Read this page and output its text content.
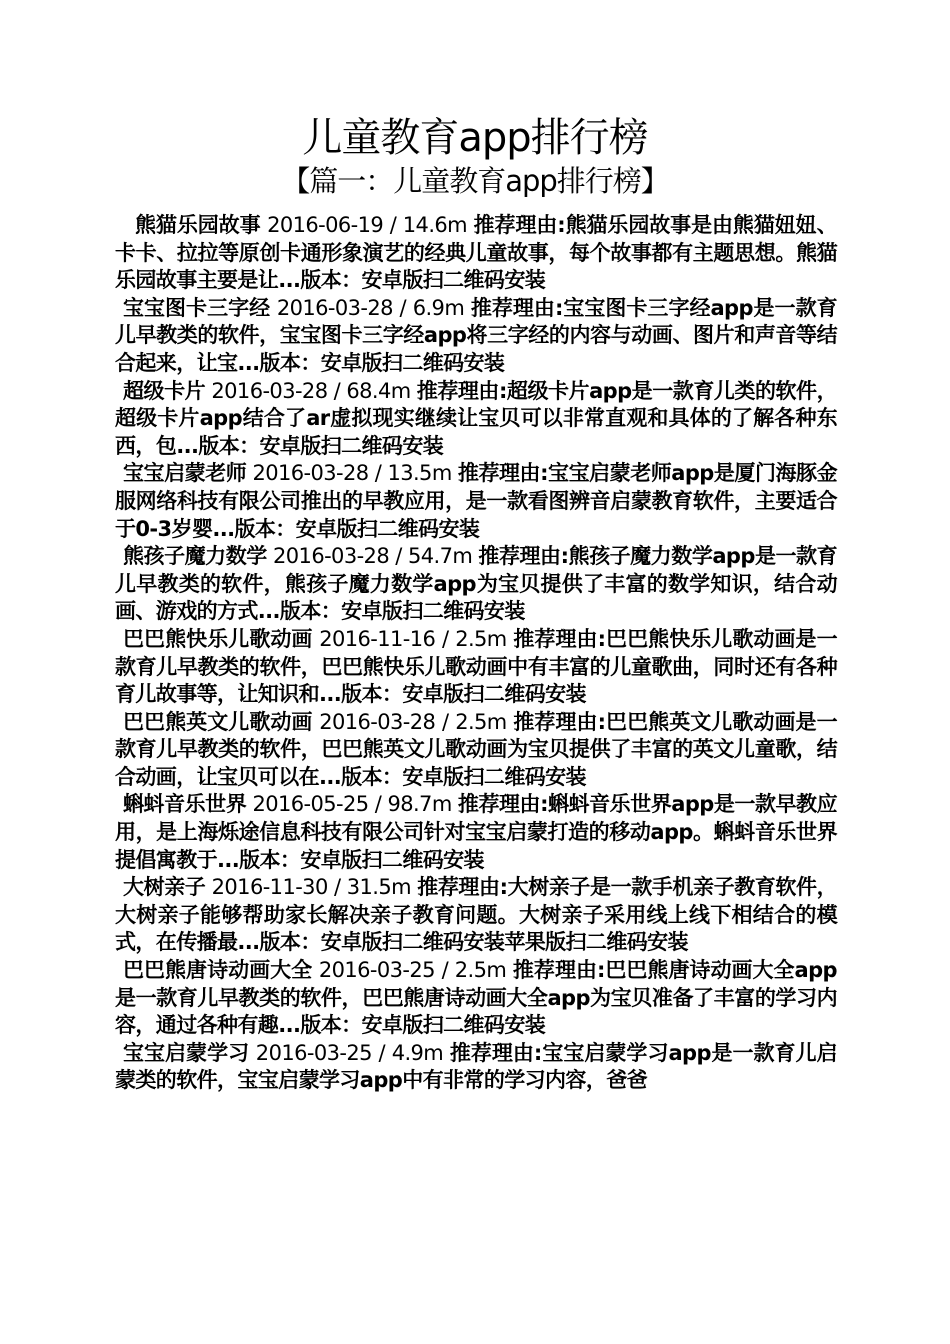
儿童教育app排行榜
【篇一：儿童教育app排行榜】
熊猫乐园故事 2016-06-19 / 14.6m 推荐理由:熊猫乐园故事是由熊猫妞妞、卡卡、拉拉等原创卡通形象演艺的经典儿童故事，每个故事都有主题思想。熊猫乐园故事主要是让...版本：安卓版扫二维码安装
宝宝图卡三字经 2016-03-28 / 6.9m 推荐理由:宝宝图卡三字经app是一款育儿早教类的软件，宝宝图卡三字经app将三字经的内容与动画、图片和声音等结合起来，让宝...版本：安卓版扫二维码安装
超级卡片 2016-03-28 / 68.4m 推荐理由:超级卡片app是一款育儿类的软件，超级卡片app结合了ar虚拟现实继续让宝贝可以非常直观和具体的了解各种东西，包...版本：安卓版扫二维码安装
宝宝启蒙老师 2016-03-28 / 13.5m 推荐理由:宝宝启蒙老师app是厦门海豚金服网络科技有限公司推出的早教应用，是一款看图辨音启蒙教育软件，主要适合于0-3岁婴...版本：安卓版扫二维码安装
熊孩子魔力数学 2016-03-28 / 54.7m 推荐理由:熊孩子魔力数学app是一款育儿早教类的软件，熊孩子魔力数学app为宝贝提供了丰富的数学知识，结合动画、游戏的方式...版本：安卓版扫二维码安装
巴巴熊快乐儿歌动画 2016-11-16 / 2.5m 推荐理由:巴巴熊快乐儿歌动画是一款育儿早教类的软件，巴巴熊快乐儿歌动画中有丰富的儿童歌曲，同时还有各种育儿故事等，让知识和...版本：安卓版扫二维码安装
巴巴熊英文儿歌动画 2016-03-28 / 2.5m 推荐理由:巴巴熊英文儿歌动画是一款育儿早教类的软件，巴巴熊英文儿歌动画为宝贝提供了丰富的英文儿童歌，结合动画，让宝贝可以在...版本：安卓版扫二维码安装
蝌蚪音乐世界 2016-05-25 / 98.7m 推荐理由:蝌蚪音乐世界app是一款早教应用，是上海烁途信息科技有限公司针对宝宝启蒙打造的移动app。蝌蚪音乐世界提倡寓教于...版本：安卓版扫二维码安装
大树亲子 2016-11-30 / 31.5m 推荐理由:大树亲子是一款手机亲子教育软件，大树亲子能够帮助家长解决亲子教育问题。大树亲子采用线上线下相结合的模式，在传播最...版本：安卓版扫二维码安装苹果版扫二维码安装
巴巴熊唐诗动画大全 2016-03-25 / 2.5m 推荐理由:巴巴熊唐诗动画大全app是一款育儿早教类的软件，巴巴熊唐诗动画大全app为宝贝准备了丰富的学习内容，通过各种有趣...版本：安卓版扫二维码安装
宝宝启蒙学习 2016-03-25 / 4.9m 推荐理由:宝宝启蒙学习app是一款育儿启蒙类的软件，宝宝启蒙学习app中有非常的学习内容，爸爸
